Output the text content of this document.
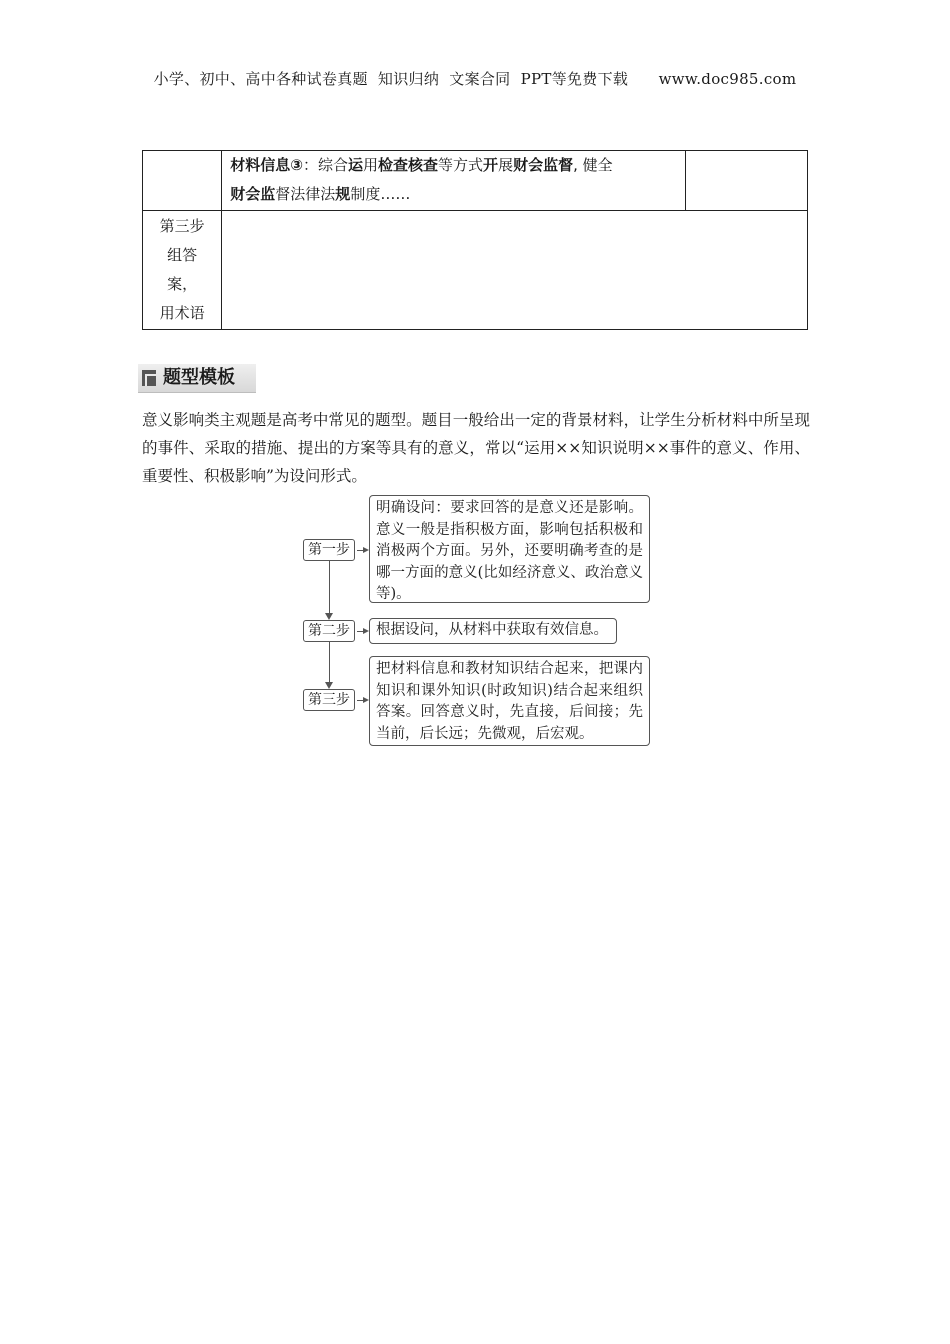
小学、初中、高中各种试卷真题  知识归纳  文案合同  PPT等免费下载      www.doc985.com
	材料信息③：综合运用检查核查等方式开展财会监督, 健全
财会监督法律法规制度……	

第三步
组答
案，
用术语		

题型模板
意义影响类主观题是高考中常见的题型。题目一般给出一定的背景材料，让学生分析材料中所呈现的事件、采取的措施、提出的方案等具有的意义，常以“运用××知识说明××事件的意义、作用、重要性、积极影响”为设问形式。
第一步
第二步
第三步
明确设问：要求回答的是意义还是影响。意义一般是指积极方面，影响包括积极和消极两个方面。另外，还要明确考查的是哪一方面的意义(比如经济意义、政治意义等)。
根据设问，从材料中获取有效信息。
把材料信息和教材知识结合起来，把课内知识和课外知识(时政知识)结合起来组织答案。回答意义时，先直接，后间接；先当前，后长远；先微观，后宏观。
